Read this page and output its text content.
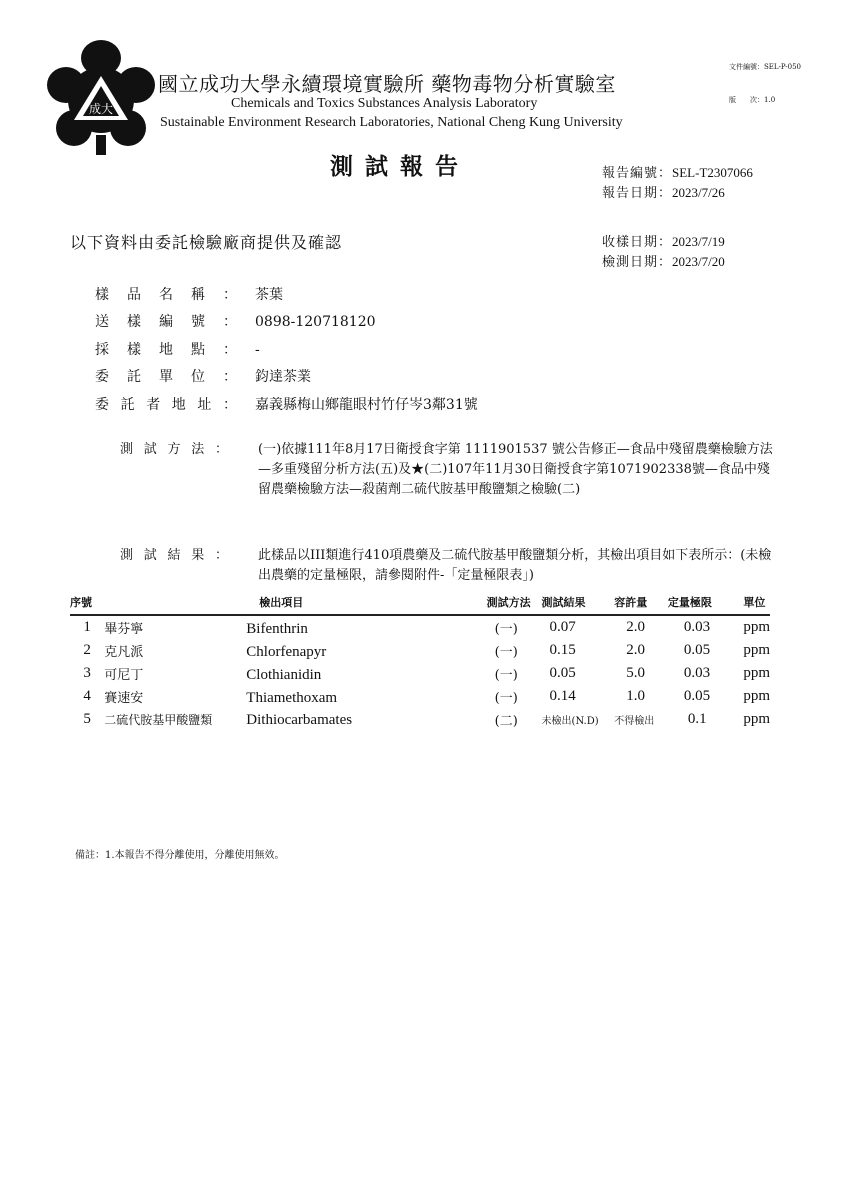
文件編號：SEL-P-050

版　　次：1.0

成大
國立成功大學永續環境實驗所 藥物毒物分析實驗室
Chemicals and Toxics Substances Analysis Laboratory
Sustainable Environment Research Laboratories, National Cheng Kung University
測試報告	報告編號：SEL-T2307066
報告日期：2023/7/26
以下資料由委託檢驗廠商提供及確認	收樣日期：2023/7/19
檢測日期：2023/7/20
樣品名稱： 茶葉
送樣編號： 0898-120718120
採樣地點： -
委託單位： 鈞達茶業
委託者地址： 嘉義縣梅山鄉龍眼村竹仔岑3鄰31號
測試方法： (一)依據111年8月17日衛授食字第 1111901537 號公告修正—食品中殘留農藥檢驗方法—多重殘留分析方法(五)及★(二)107年11月30日衛授食字第1071902338號—食品中殘留農藥檢驗方法—殺菌劑二硫代胺基甲酸鹽類之檢驗(二)
測試結果： 此樣品以III類進行410項農藥及二硫代胺基甲酸鹽類分析，其檢出項目如下表所示：(未檢出農藥的定量極限，請參閱附件-「定量極限表」)
序號	檢出項目	測試方法	測試結果	容許量	定量極限	單位
1	畢芬寧 Bifenthrin	(一)	0.07	2.0	0.03	ppm
2	克凡派 Chlorfenapyr	(一)	0.15	2.0	0.05	ppm
3	可尼丁 Clothianidin	(一)	0.05	5.0	0.03	ppm
4	賽速安 Thiamethoxam	(一)	0.14	1.0	0.05	ppm
5	二硫代胺基甲酸鹽類 Dithiocarbamates	(二)	未檢出(N.D)	不得檢出	0.1	ppm
備註：1.本報告不得分離使用，分離使用無效。
